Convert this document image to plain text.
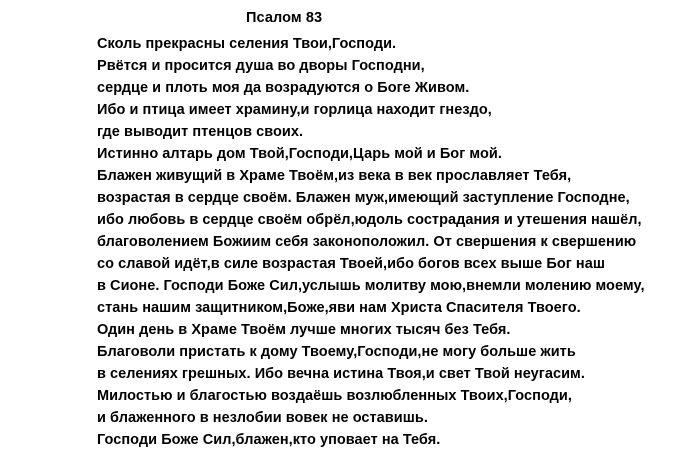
Псалом 83
Сколь прекрасны селения Твои,Господи.
Рвётся и просится душа во дворы Господни,
сердце и плоть моя да возрадуются о Боге Живом.
Ибо и птица имеет храмину,и горлица находит гнездо,
где выводит птенцов своих.
Истинно алтарь дом Твой,Господи,Царь мой и Бог мой.
Блажен живущий в Храме Твоём,из века в век прославляет Тебя,
возрастая в сердце своём. Блажен муж,имеющий заступление Господне,
ибо любовь в сердце своём обрёл,юдоль сострадания и утешения нашёл,
благоволением Божиим себя законоположил. От свершения к свершению
со славой идёт,в силе возрастая Твоей,ибо богов всех выше Бог наш
в Сионе. Господи Боже Сил,услышь молитву мою,внемли молению моему,
стань нашим защитником,Боже,яви нам Христа Спасителя Твоего.
Один день в Храме Твоём лучше многих тысяч без Тебя.
Благоволи пристать к дому Твоему,Господи,не могу больше жить
в селениях грешных. Ибо вечна истина Твоя,и свет Твой неугасим.
Милостью и благостью воздаёшь возлюбленных Твоих,Господи,
и блаженного в незлобии вовек не оставишь.
Господи Боже Сил,блажен,кто уповает на Тебя.
